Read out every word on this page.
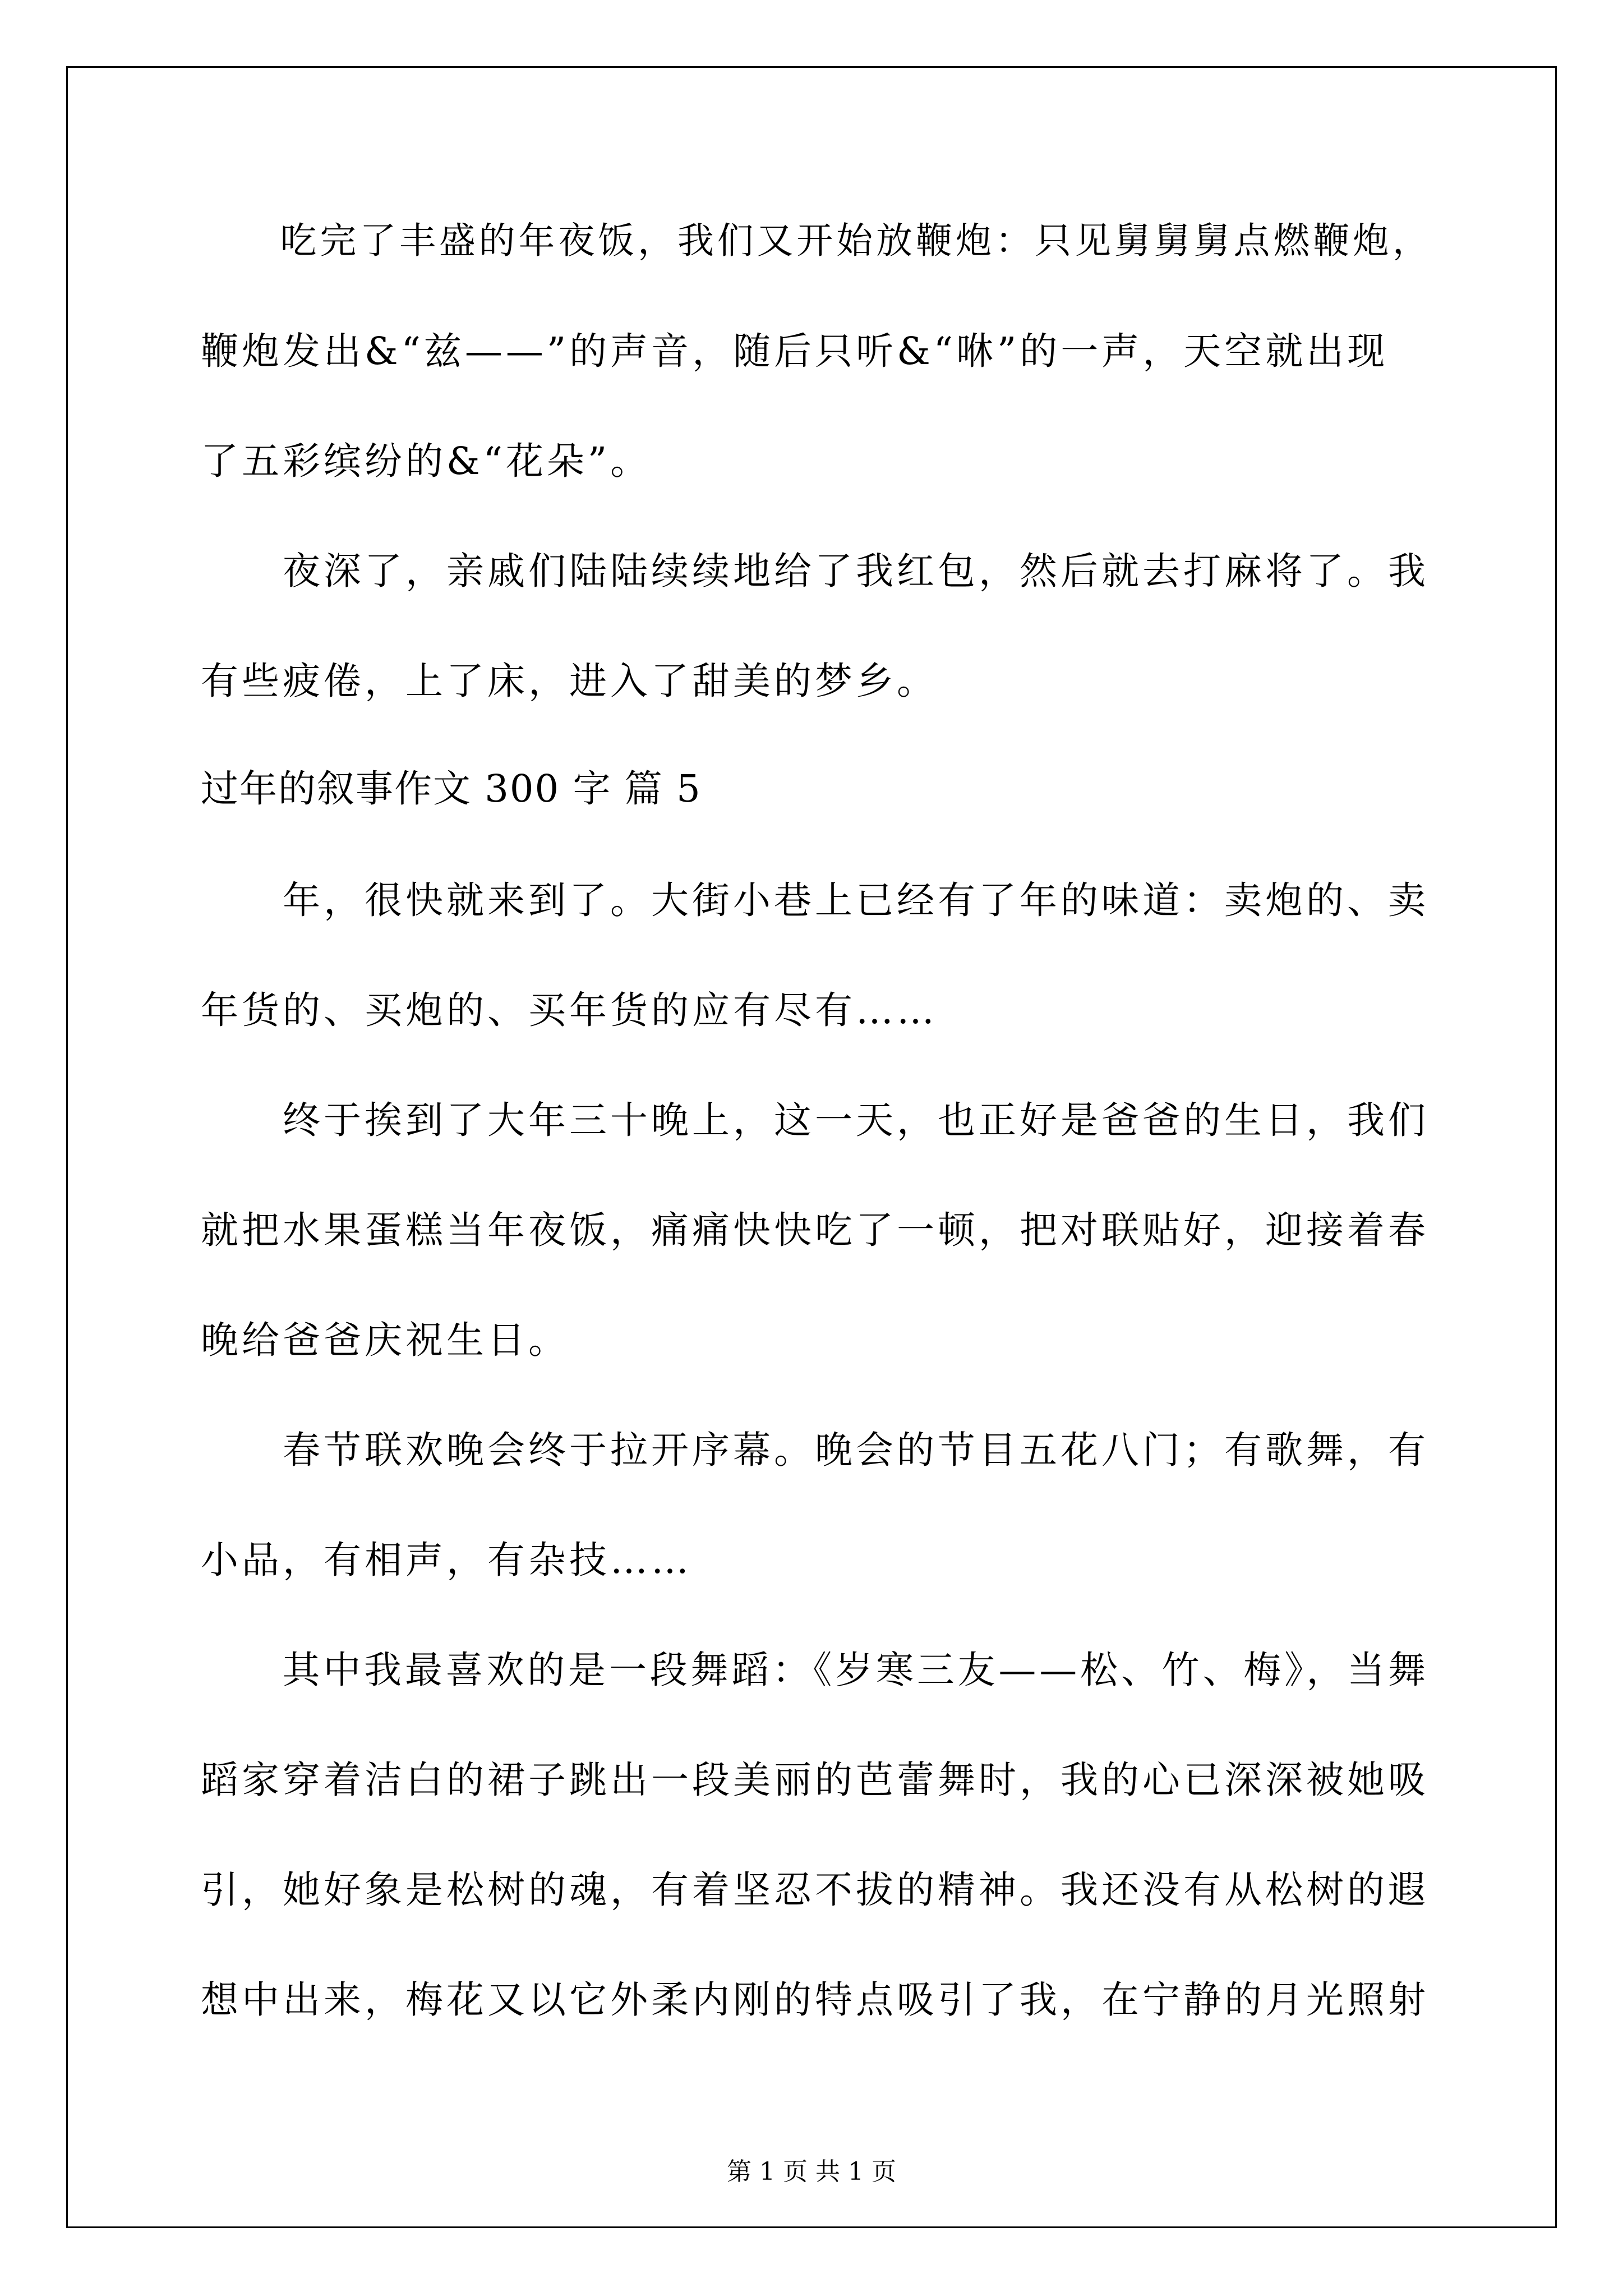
　　吃完了丰盛的年夜饭，我们又开始放鞭炮：只见舅舅舅点燃鞭炮，
鞭炮发出&“兹——”的声音，随后只听&“咻”的一声，天空就出现
了五彩缤纷的&“花朵”。
　　夜深了，亲戚们陆陆续续地给了我红包，然后就去打麻将了。我
有些疲倦，上了床，进入了甜美的梦乡。
过年的叙事作文 300 字 篇 5
　　年，很快就来到了。大街小巷上已经有了年的味道：卖炮的、卖
年货的、买炮的、买年货的应有尽有……
　　终于挨到了大年三十晚上，这一天，也正好是爸爸的生日，我们
就把水果蛋糕当年夜饭，痛痛快快吃了一顿，把对联贴好，迎接着春
晚给爸爸庆祝生日。
　　春节联欢晚会终于拉开序幕。晚会的节目五花八门；有歌舞，有
小品，有相声，有杂技……
　　其中我最喜欢的是一段舞蹈：《岁寒三友——松、竹、梅》，当舞
蹈家穿着洁白的裙子跳出一段美丽的芭蕾舞时，我的心已深深被她吸
引，她好象是松树的魂，有着坚忍不拔的精神。我还没有从松树的遐
想中出来，梅花又以它外柔内刚的特点吸引了我，在宁静的月光照射
第 1 页 共 1 页
